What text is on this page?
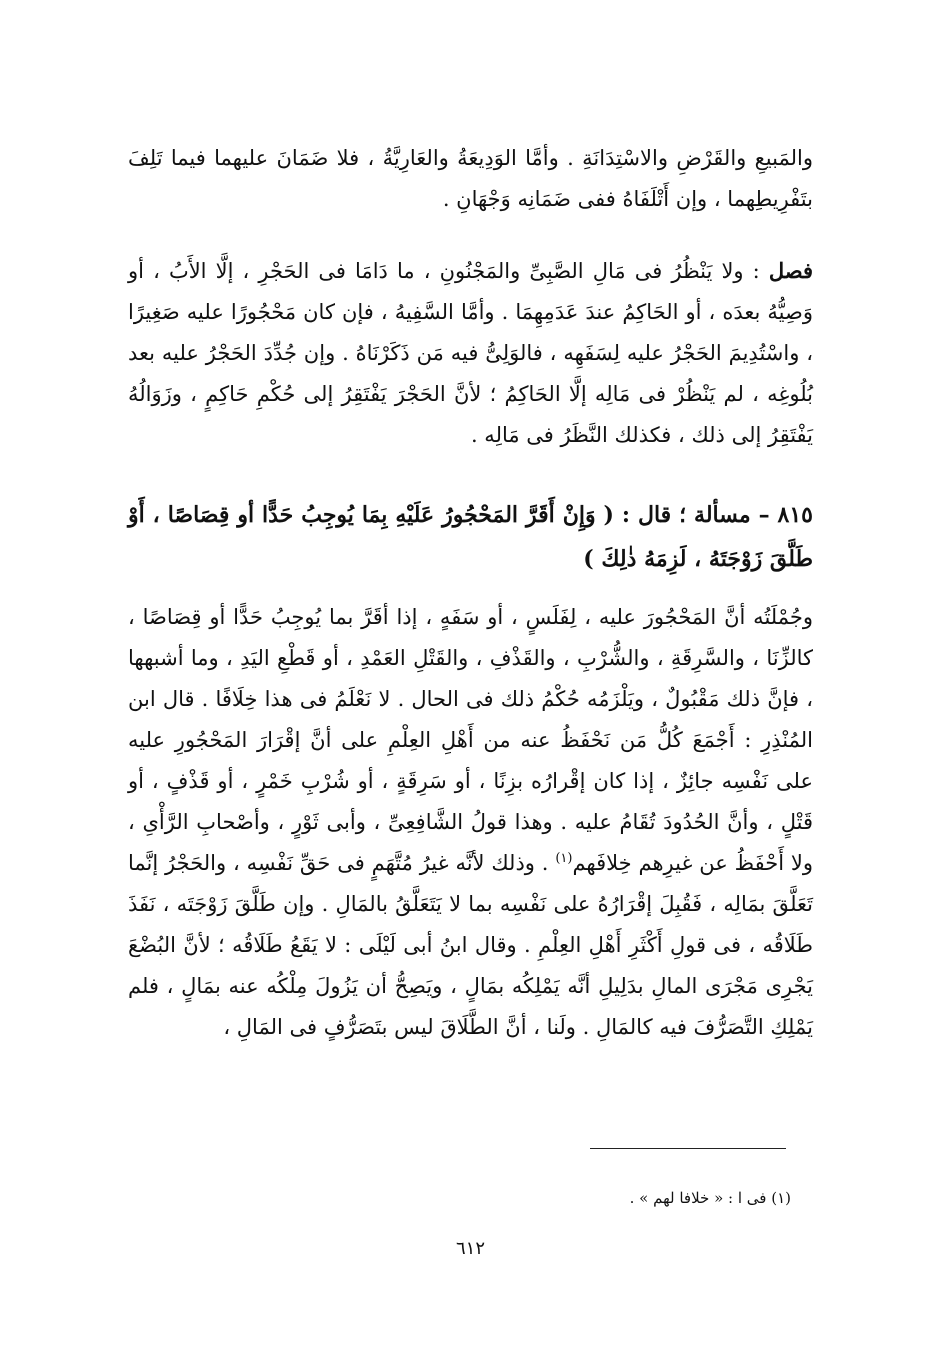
والمَبيعِ والقَرْضِ والاسْتِدَانَةِ . وأمَّا الوَدِيعَةُ والعَارِيَّةُ ، فلا ضَمَانَ عليهما فيما تَلِفَ بتَفْرِيطِهما ، وإن أَتْلَفَاهُ ففى ضَمَانِه وَجْهَانِ .
فصل : ولا يَنْظُرُ فى مَالِ الصَّبِىِّ والمَجْنُونِ ، ما دَامَا فى الحَجْرِ ، إلَّا الأَبُ ، أو وَصِيُّهُ بعدَه ، أو الحَاكِمُ عندَ عَدَمِهِمَا . وأمَّا السَّفِيهُ ، فإن كان مَحْجُورًا عليه صَغِيرًا ، واسْتُدِيمَ الحَجْرُ عليه لِسَفَهِه ، فالوَلِىُّ فيه مَن ذَكَرْنَاهُ . وإن جُدِّدَ الحَجْرُ عليه بعد بُلُوغِه ، لم يَنْظُرْ فى مَالِه إلَّا الحَاكِمُ ؛ لأنَّ الحَجْرَ يَفْتَقِرُ إلى حُكْمِ حَاكِمٍ ، وزَوَالُهُ يَفْتَقِرُ إلى ذلك ، فكذلك النَّظَرُ فى مَالِه .
٨١٥ – مسألة ؛ قال : ( وَإِنْ أَقَرَّ المَحْجُورُ عَلَيْهِ بِمَا يُوجِبُ حَدًّا أو قِصَاصًا ، أَوْ طَلَّقَ زَوْجَتَهُ ، لَزِمَهُ ذٰلِكَ )
وجُمْلَتُه أنَّ المَحْجُورَ عليه ، لِفَلَسٍ ، أو سَفَهٍ ، إذا أقَرَّ بما يُوجِبُ حَدًّا أو قِصَاصًا ، كالزِّنَا ، والسَّرِقَةِ ، والشُّرْبِ ، والقَذْفِ ، والقَتْلِ العَمْدِ ، أو قَطْعِ اليَدِ ، وما أشبهها ، فإنَّ ذلك مَقْبُولٌ ، ويَلْزَمُه حُكْمُ ذلك فى الحال . لا نَعْلَمُ فى هذا خِلَافًا . قال ابن المُنْذِرِ : أَجْمَعَ كُلُّ مَن نَحْفَظُ عنه من أَهْلِ العِلْمِ على أنَّ إقْرَارَ المَحْجُورِ عليه على نَفْسِه جائِزٌ ، إذا كان إقْرارُه بزِنًا ، أو سَرِقَةٍ ، أو شُرْبِ خَمْرٍ ، أو قَذْفٍ ، أو قَتْلٍ ، وأنَّ الحُدُودَ تُقَامُ عليه . وهذا قولُ الشَّافِعِىِّ ، وأبى ثَوْرٍ ، وأصْحابِ الرَّأْىِ ، ولا أَحْفَظُ عن غيرِهم خِلافَهم$^{(١)}$ . وذلك لأنَّه غيرُ مُتَّهَمٍ فى حَقِّ نَفْسِه ، والحَجْرُ إنَّما تَعَلَّقَ بمَالِه ، فَقُبِلَ إقْرَارُهُ على نَفْسِه بما لا يَتَعَلَّقُ بالمَالِ . وإن طَلَّقَ زَوْجَتَه ، نَفَذَ طَلَاقُه ، فى قولِ أَكْثَرِ أَهْلِ العِلْمِ . وقال ابنُ أبى لَيْلَى : لا يَقَعُ طَلَاقُه ؛ لأنَّ البُضْعَ يَجْرِى مَجْرَى المالِ بدَلِيلِ أنَّه يَمْلِكُه بمَالٍ ، ويَصِحُّ أن يَزُولَ مِلْكُه عنه بمَالٍ ، فلم يَمْلِكِ التَّصَرُّفَ فيه كالمَالِ . ولَنا ، أنَّ الطَّلَاقَ ليس بتَصَرُّفٍ فى المَالِ ،
(١) فى ا : « خلافا لهم » .
٦١٢
